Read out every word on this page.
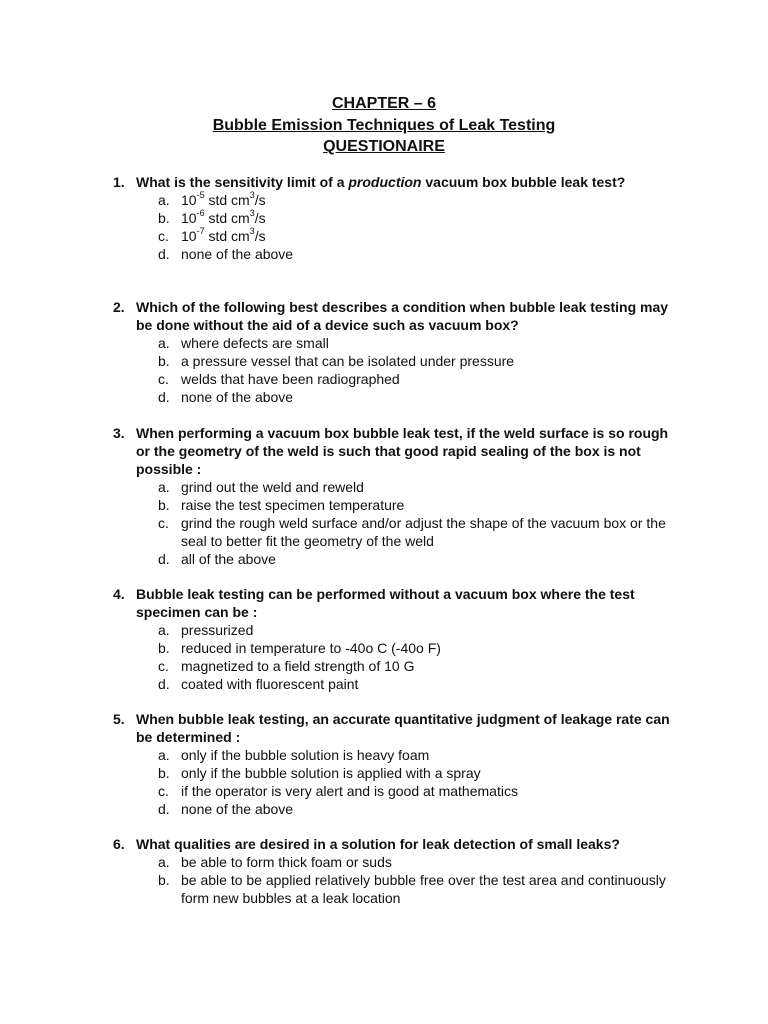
CHAPTER – 6
Bubble Emission Techniques of Leak Testing
QUESTIONAIRE
1. What is the sensitivity limit of a production vacuum box bubble leak test?
a. $10^{-5}$ std $cm^3/s$
b. $10^{-6}$ std $cm^3/s$
c. $10^{-7}$ std $cm^3/s$
d. none of the above
2. Which of the following best describes a condition when bubble leak testing may be done without the aid of a device such as vacuum box?
a. where defects are small
b. a pressure vessel that can be isolated under pressure
c. welds that have been radiographed
d. none of the above
3. When performing a vacuum box bubble leak test, if the weld surface is so rough or the geometry of the weld is such that good rapid sealing of the box is not possible :
a. grind out the weld and reweld
b. raise the test specimen temperature
c. grind the rough weld surface and/or adjust the shape of the vacuum box or the seal to better fit the geometry of the weld
d. all of the above
4. Bubble leak testing can be performed without a vacuum box where the test specimen can be :
a. pressurized
b. reduced in temperature to -40o C (-40o F)
c. magnetized to a field strength of 10 G
d. coated with fluorescent paint
5. When bubble leak testing, an accurate quantitative judgment of leakage rate can be determined :
a. only if the bubble solution is heavy foam
b. only if the bubble solution is applied with a spray
c. if the operator is very alert and is good at mathematics
d. none of the above
6. What qualities are desired in a solution for leak detection of small leaks?
a. be able to form thick foam or suds
b. be able to be applied relatively bubble free over the test area and continuously form new bubbles at a leak location
